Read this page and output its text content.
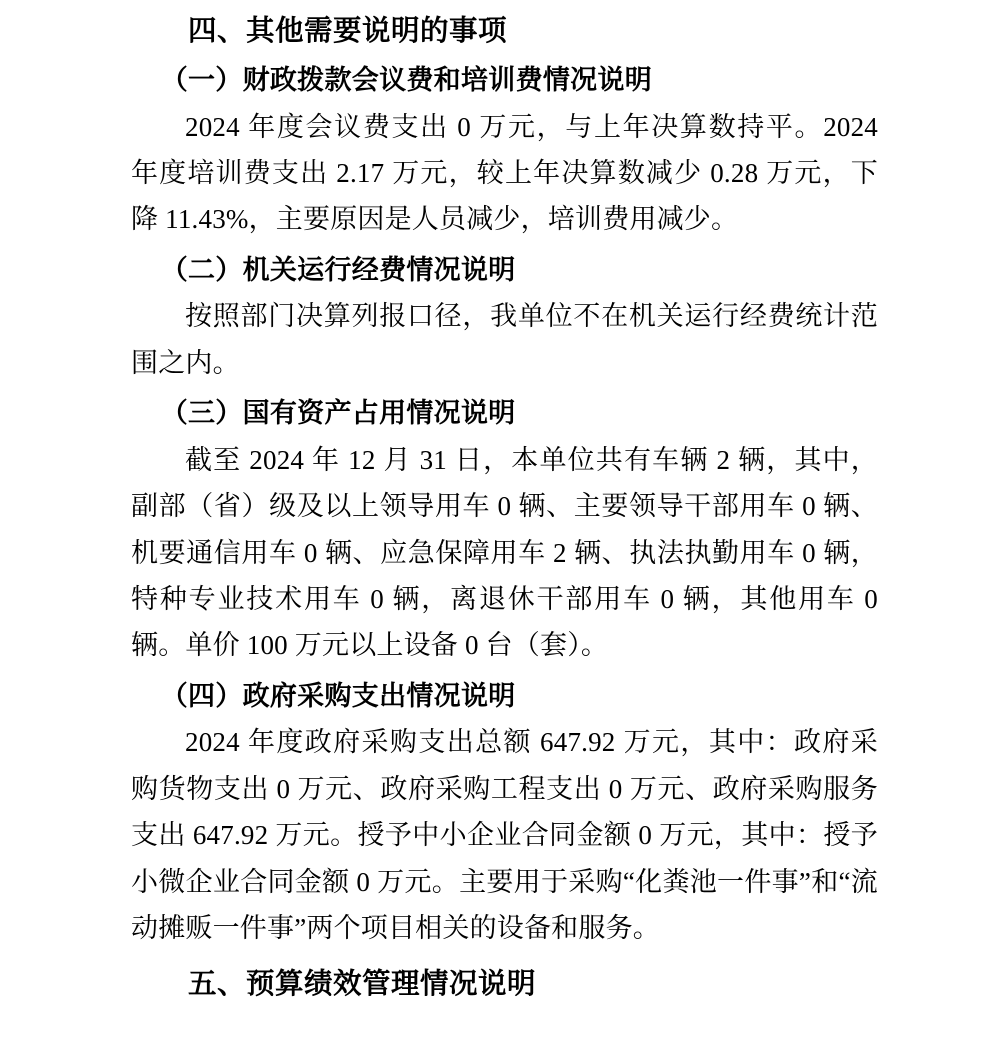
四、其他需要说明的事项

（一）财政拨款会议费和培训费情况说明

2024 年度会议费支出 0 万元，与上年决算数持平。2024 年度培训费支出 2.17 万元，较上年决算数减少 0.28 万元，下降 11.43%，主要原因是人员减少，培训费用减少。

（二）机关运行经费情况说明

按照部门决算列报口径，我单位不在机关运行经费统计范围之内。

（三）国有资产占用情况说明

截至 2024 年 12 月 31 日，本单位共有车辆 2 辆，其中，副部（省）级及以上领导用车 0 辆、主要领导干部用车 0 辆、机要通信用车 0 辆、应急保障用车 2 辆、执法执勤用车 0 辆，特种专业技术用车 0 辆，离退休干部用车 0 辆，其他用车 0 辆。单价 100 万元以上设备 0 台（套）。

（四）政府采购支出情况说明

2024 年度政府采购支出总额 647.92 万元，其中：政府采购货物支出 0 万元、政府采购工程支出 0 万元、政府采购服务支出 647.92 万元。授予中小企业合同金额 0 万元，其中：授予小微企业合同金额 0 万元。主要用于采购“化粪池一件事”和“流动摊贩一件事”两个项目相关的设备和服务。

五、预算绩效管理情况说明
